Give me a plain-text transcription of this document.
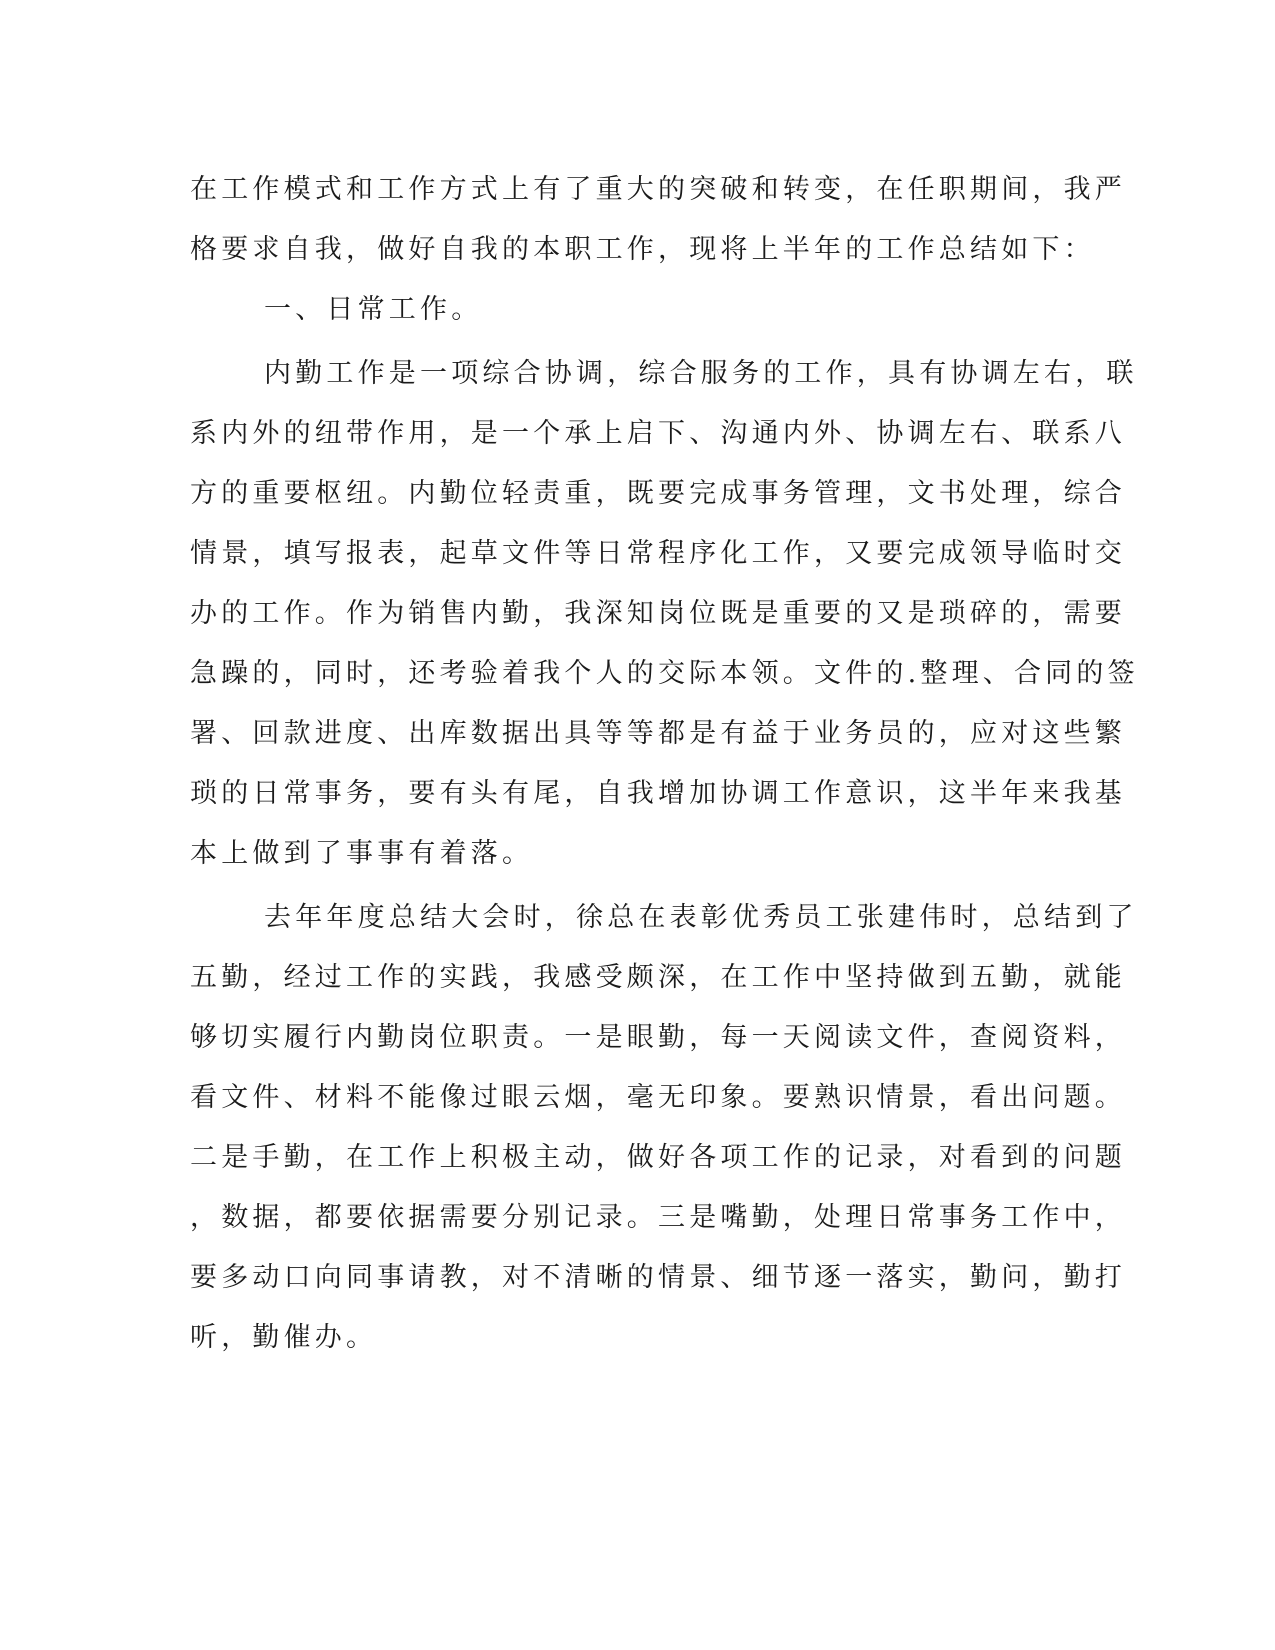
在工作模式和工作方式上有了重大的突破和转变，在任职期间，我严
格要求自我，做好自我的本职工作，现将上半年的工作总结如下：
一、日常工作。
内勤工作是一项综合协调，综合服务的工作，具有协调左右，联
系内外的纽带作用，是一个承上启下、沟通内外、协调左右、联系八
方的重要枢纽。内勤位轻责重，既要完成事务管理，文书处理，综合
情景，填写报表，起草文件等日常程序化工作，又要完成领导临时交
办的工作。作为销售内勤，我深知岗位既是重要的又是琐碎的，需要
急躁的，同时，还考验着我个人的交际本领。文件的.整理、合同的签
署、回款进度、出库数据出具等等都是有益于业务员的，应对这些繁
琐的日常事务，要有头有尾，自我增加协调工作意识，这半年来我基
本上做到了事事有着落。
去年年度总结大会时，徐总在表彰优秀员工张建伟时，总结到了
五勤，经过工作的实践，我感受颇深，在工作中坚持做到五勤，就能
够切实履行内勤岗位职责。一是眼勤，每一天阅读文件，查阅资料，
看文件、材料不能像过眼云烟，毫无印象。要熟识情景，看出问题。
二是手勤，在工作上积极主动，做好各项工作的记录，对看到的问题
，数据，都要依据需要分别记录。三是嘴勤，处理日常事务工作中，
要多动口向同事请教，对不清晰的情景、细节逐一落实，勤问，勤打
听，勤催办。
